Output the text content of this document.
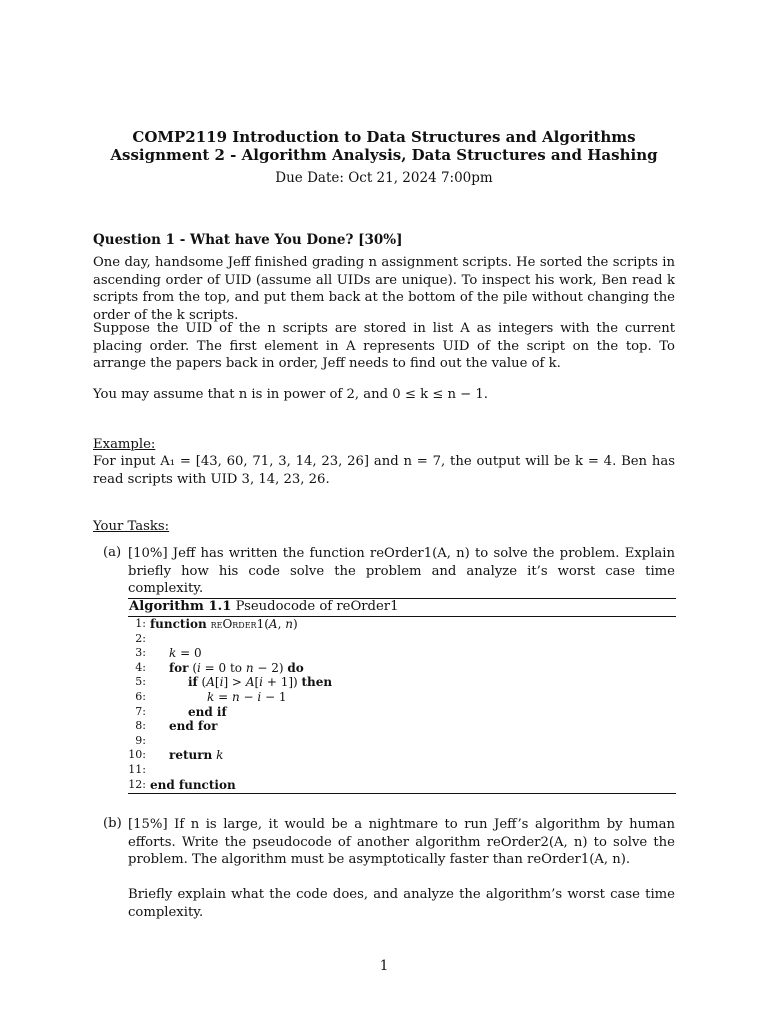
COMP2119 Introduction to Data Structures and Algorithms
Assignment 2 - Algorithm Analysis, Data Structures and Hashing
Due Date: Oct 21, 2024 7:00pm
Question 1 - What have You Done? [30%]
One day, handsome Jeff finished grading n assignment scripts. He sorted the scripts in ascending order of UID (assume all UIDs are unique). To inspect his work, Ben read k scripts from the top, and put them back at the bottom of the pile without changing the order of the k scripts.
Suppose the UID of the n scripts are stored in list A as integers with the current placing order. The first element in A represents UID of the script on the top. To arrange the papers back in order, Jeff needs to find out the value of k.
You may assume that n is in power of 2, and 0 ≤ k ≤ n − 1.
Example:
For input A₁ = [43, 60, 71, 3, 14, 23, 26] and n = 7, the output will be k = 4. Ben has read scripts with UID 3, 14, 23, 26.
Your Tasks:
(a) [10%] Jeff has written the function reOrder1(A, n) to solve the problem. Explain briefly how his code solve the problem and analyze it’s worst case time complexity.
Algorithm 1.1 Pseudocode of reOrder1
1: function reOrder1(A, n)
2:
3: k = 0
4: for (i = 0 to n − 2) do
5:	if (A[i] > A[i + 1]) then
6:	k = n − i − 1
7:	end if
8: end for
9:
10: return k
11:
12: end function
(b) [15%] If n is large, it would be a nightmare to run Jeff’s algorithm by human efforts. Write the pseudocode of another algorithm reOrder2(A, n) to solve the problem. The algorithm must be asymptotically faster than reOrder1(A, n).
Briefly explain what the code does, and analyze the algorithm’s worst case time complexity.
1
